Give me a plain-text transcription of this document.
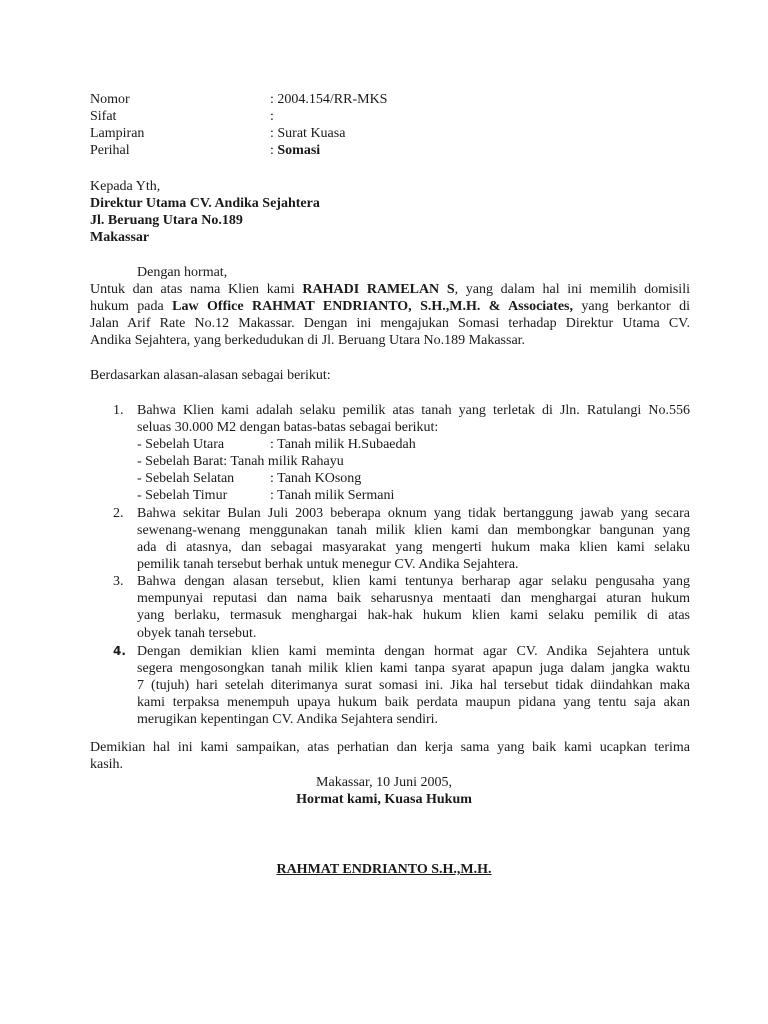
Nomor	: 2004.154/RR-MKS
Sifat	:
Lampiran	: Surat Kuasa
Perihal	: Somasi
Kepada Yth,
Direktur Utama CV. Andika Sejahtera
Jl. Beruang Utara No.189
Makassar
Dengan hormat,
Untuk dan atas nama Klien kami RAHADI RAMELAN S, yang dalam hal ini memilih domisili
hukum pada Law Office RAHMAT ENDRIANTO, S.H.,M.H. & Associates, yang berkantor di
Jalan Arif Rate No.12 Makassar. Dengan ini mengajukan Somasi terhadap Direktur Utama CV.
Andika Sejahtera, yang berkedudukan di Jl. Beruang Utara No.189 Makassar.
Berdasarkan alasan-alasan sebagai berikut:
1. Bahwa Klien kami adalah selaku pemilik atas tanah yang terletak di Jln. Ratulangi No.556
seluas 30.000 M2 dengan batas-batas sebagai berikut:
- Sebelah Utara	: Tanah milik H.Subaedah
- Sebelah Barat: Tanah milik Rahayu
- Sebelah Selatan	: Tanah KOsong
- Sebelah Timur	: Tanah milik Sermani
2. Bahwa sekitar Bulan Juli 2003 beberapa oknum yang tidak bertanggung jawab yang secara
sewenang-wenang menggunakan tanah milik klien kami dan membongkar bangunan yang
ada di atasnya, dan sebagai masyarakat yang mengerti hukum maka klien kami selaku
pemilik tanah tersebut berhak untuk menegur CV. Andika Sejahtera.
3. Bahwa dengan alasan tersebut, klien kami tentunya berharap agar selaku pengusaha yang
mempunyai reputasi dan nama baik seharusnya mentaati dan menghargai aturan hukum
yang berlaku, termasuk menghargai hak-hak hukum klien kami selaku pemilik di atas
obyek tanah tersebut.
4. Dengan demikian klien kami meminta dengan hormat agar CV. Andika Sejahtera untuk
segera mengosongkan tanah milik klien kami tanpa syarat apapun juga dalam jangka waktu
7 (tujuh) hari setelah diterimanya surat somasi ini. Jika hal tersebut tidak diindahkan maka
kami terpaksa menempuh upaya hukum baik perdata maupun pidana yang tentu saja akan
merugikan kepentingan CV. Andika Sejahtera sendiri.
Demikian hal ini kami sampaikan, atas perhatian dan kerja sama yang baik kami ucapkan terima
kasih.
Makassar, 10 Juni 2005,
Hormat kami, Kuasa Hukum
RAHMAT ENDRIANTO S.H.,M.H.
